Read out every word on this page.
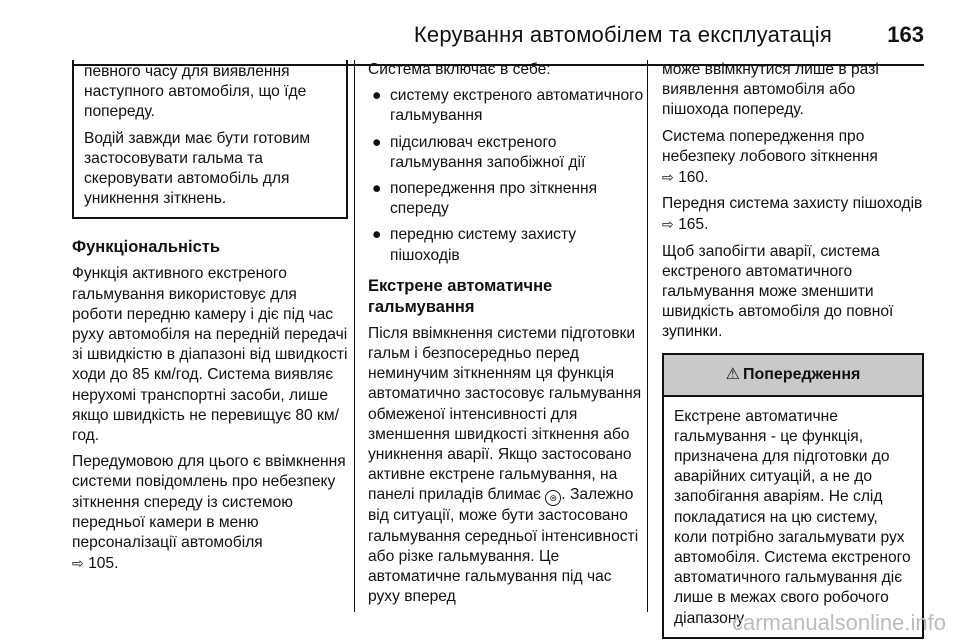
Керування автомобілем та експлуатація	163

певного часу для виявлення наступного автомобіля, що їде попереду.

Водій завжди має бути готовим застосовувати гальма та скеровувати автомобіль для уникнення зіткнень.

Функціональність

Функція активного екстреного гальмування використовує для роботи передню камеру і діє під час руху автомобіля на передній передачі зі швидкістю в діапазоні від швидкості ходи до 85 км/год. Система виявляє нерухомі транспортні засоби, лише якщо швидкість не перевищує 80 км/год.

Передумовою для цього є ввімкнення системи повідомлень про небезпеку зіткнення спереду із системою передньої камери в меню персоналізації автомобіля
⇨ 105.

Система включає в себе:

● систему екстреного автоматичного гальмування
● підсилювач екстреного гальмування запобіжної дії
● попередження про зіткнення спереду
● передню систему захисту пішоходів
Екстрене автоматичне гальмування

Після ввімкнення системи підготовки гальм і безпосередньо перед неминучим зіткненням ця функція автоматично застосовує гальмування обмеженої інтенсивності для зменшення швидкості зіткнення або уникнення аварії. Якщо застосовано активне екстрене гальмування, на панелі приладів блимає ⊜ . Залежно від ситуації, може бути застосовано гальмування середньої інтенсивності або різке гальмування. Це автоматичне гальмування під час руху вперед

може ввімкнутися лише в разі виявлення автомобіля або пішохода попереду.

Система попередження про небезпеку лобового зіткнення
⇨ 160.

Передня система захисту пішоходів ⇨ 165.

Щоб запобігти аварії, система екстреного автоматичного гальмування може зменшити швидкість автомобіля до повної зупинки.

⚠ Попередження
Екстрене автоматичне гальмування - це функція, призначена для підготовки до аварійних ситуацій, а не до запобігання аваріям. Не слід покладатися на цю систему, коли потрібно загальмувати рух автомобіля. Система екстреного автоматичного гальмування діє лише в межах свого робочого діапазону
carmanualsonline.info
